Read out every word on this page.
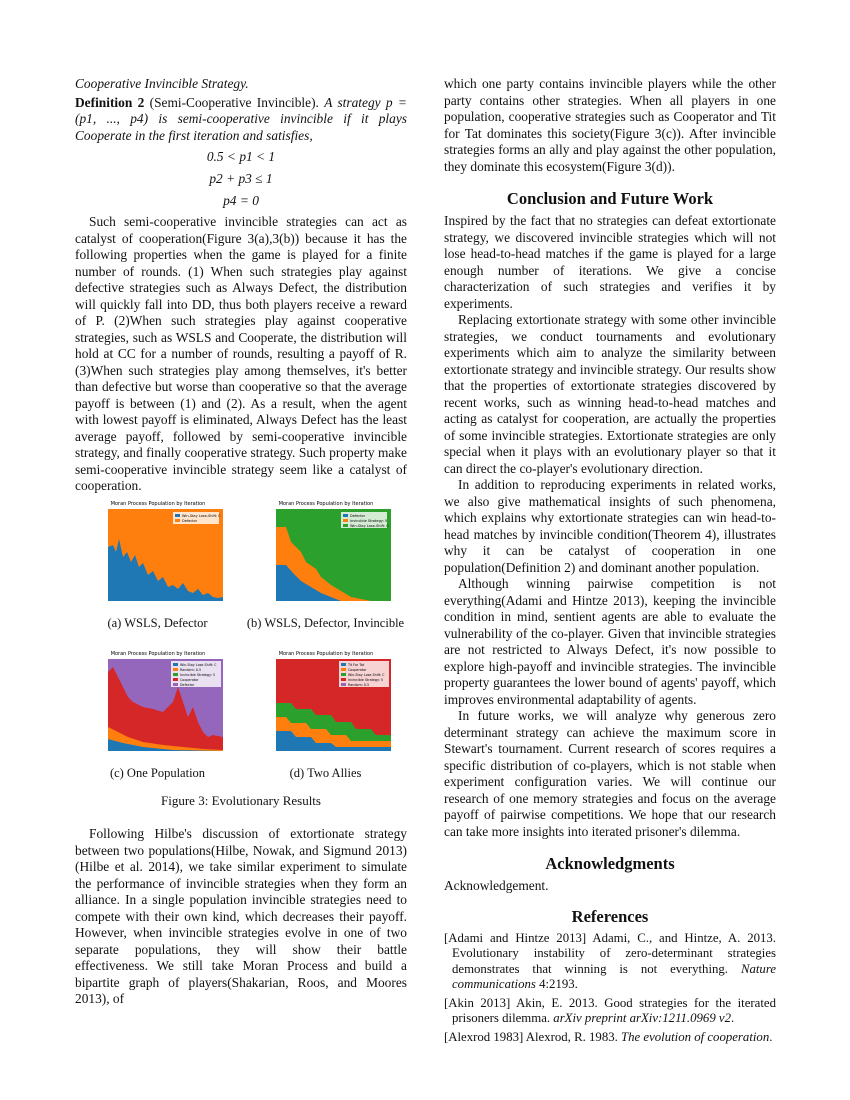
Cooperative Invincible Strategy.

Definition 2 (Semi-Cooperative Invincible). A strategy p = (p1, ..., p4) is semi-cooperative invincible if it plays Cooperate in the first iteration and satisfies,

0.5 < p1 < 1
p2 + p3 ≤ 1
p4 = 0

Such semi-cooperative invincible strategies can act as catalyst of cooperation(Figure 3(a),3(b)) because it has the following properties when the game is played for a finite number of rounds. (1) When such strategies play against defective strategies such as Always Defect, the distribution will quickly fall into DD, thus both players receive a reward of P. (2)When such strategies play against cooperative strategies, such as WSLS and Cooperate, the distribution will hold at CC for a number of rounds, resulting a payoff of R. (3)When such strategies play among themselves, it's better than defective but worse than cooperative so that the average payoff is between (1) and (2). As a result, when the agent with lowest payoff is eliminated, Always Defect has the least average payoff, followed by semi-cooperative invincible strategy, and finally cooperative strategy. Such property make semi-cooperative invincible strategy seem like a catalyst of cooperation.

Moran Process Population by Iteration
Win-Stay Lose-Shift: C
Defector
(a) WSLS, Defector
Moran Process Population by Iteration
Defector
Invincible Strategy: 5
Win-Stay Lose-Shift: C
(b) WSLS, Defector, Invincible
Moran Process Population by Iteration
Win-Stay Lose-Shift: C
Random: 0.5
Invincible Strategy: 5
Cooperator
Defector
(c) One Population
Moran Process Population by Iteration
Tit For Tat
Cooperator
Win-Stay Lose-Shift: C
Invincible Strategy: 5
Random: 0.5
(d) Two Allies
Figure 3: Evolutionary Results

Following Hilbe's discussion of extortionate strategy between two populations(Hilbe, Nowak, and Sigmund 2013)(Hilbe et al. 2014), we take similar experiment to simulate the performance of invincible strategies when they form an alliance. In a single population invincible strategies need to compete with their own kind, which decreases their payoff. However, when invincible strategies evolve in one of two separate populations, they will show their battle effectiveness. We still take Moran Process and build a bipartite graph of players(Shakarian, Roos, and Moores 2013), of

which one party contains invincible players while the other party contains other strategies. When all players in one population, cooperative strategies such as Cooperator and Tit for Tat dominates this society(Figure 3(c)). After invincible strategies forms an ally and play against the other population, they dominate this ecosystem(Figure 3(d)).

Conclusion and Future Work

Inspired by the fact that no strategies can defeat extortionate strategy, we discovered invincible strategies which will not lose head-to-head matches if the game is played for a large enough number of iterations. We give a concise characterization of such strategies and verifies it by experiments.

Replacing extortionate strategy with some other invincible strategies, we conduct tournaments and evolutionary experiments which aim to analyze the similarity between extortionate strategy and invincible strategy. Our results show that the properties of extortionate strategies discovered by recent works, such as winning head-to-head matches and acting as catalyst for cooperation, are actually the properties of some invincible strategies. Extortionate strategies are only special when it plays with an evolutionary player so that it can direct the co-player's evolutionary direction.

In addition to reproducing experiments in related works, we also give mathematical insights of such phenomena, which explains why extortionate strategies can win head-to-head matches by invincible condition(Theorem 4), illustrates why it can be catalyst of cooperation in one population(Definition 2) and dominant another population.

Although winning pairwise competition is not everything(Adami and Hintze 2013), keeping the invincible condition in mind, sentient agents are able to evaluate the vulnerability of the co-player. Given that invincible strategies are not restricted to Always Defect, it's now possible to explore high-payoff and invincible strategies. The invincible property guarantees the lower bound of agents' payoff, which improves environmental adaptability of agents.

In future works, we will analyze why generous zero determinant strategy can achieve the maximum score in Stewart's tournament. Current research of scores requires a specific distribution of co-players, which is not stable when experiment configuration varies. We will continue our research of one memory strategies and focus on the average payoff of pairwise competitions. We hope that our research can take more insights into iterated prisoner's dilemma.

Acknowledgments

Acknowledgement.

References

[Adami and Hintze 2013] Adami, C., and Hintze, A. 2013. Evolutionary instability of zero-determinant strategies demonstrates that winning is not everything. Nature communications 4:2193.

[Akin 2013] Akin, E. 2013. Good strategies for the iterated prisoners dilemma. arXiv preprint arXiv:1211.0969 v2.

[Alexrod 1983] Alexrod, R. 1983. The evolution of cooperation.
